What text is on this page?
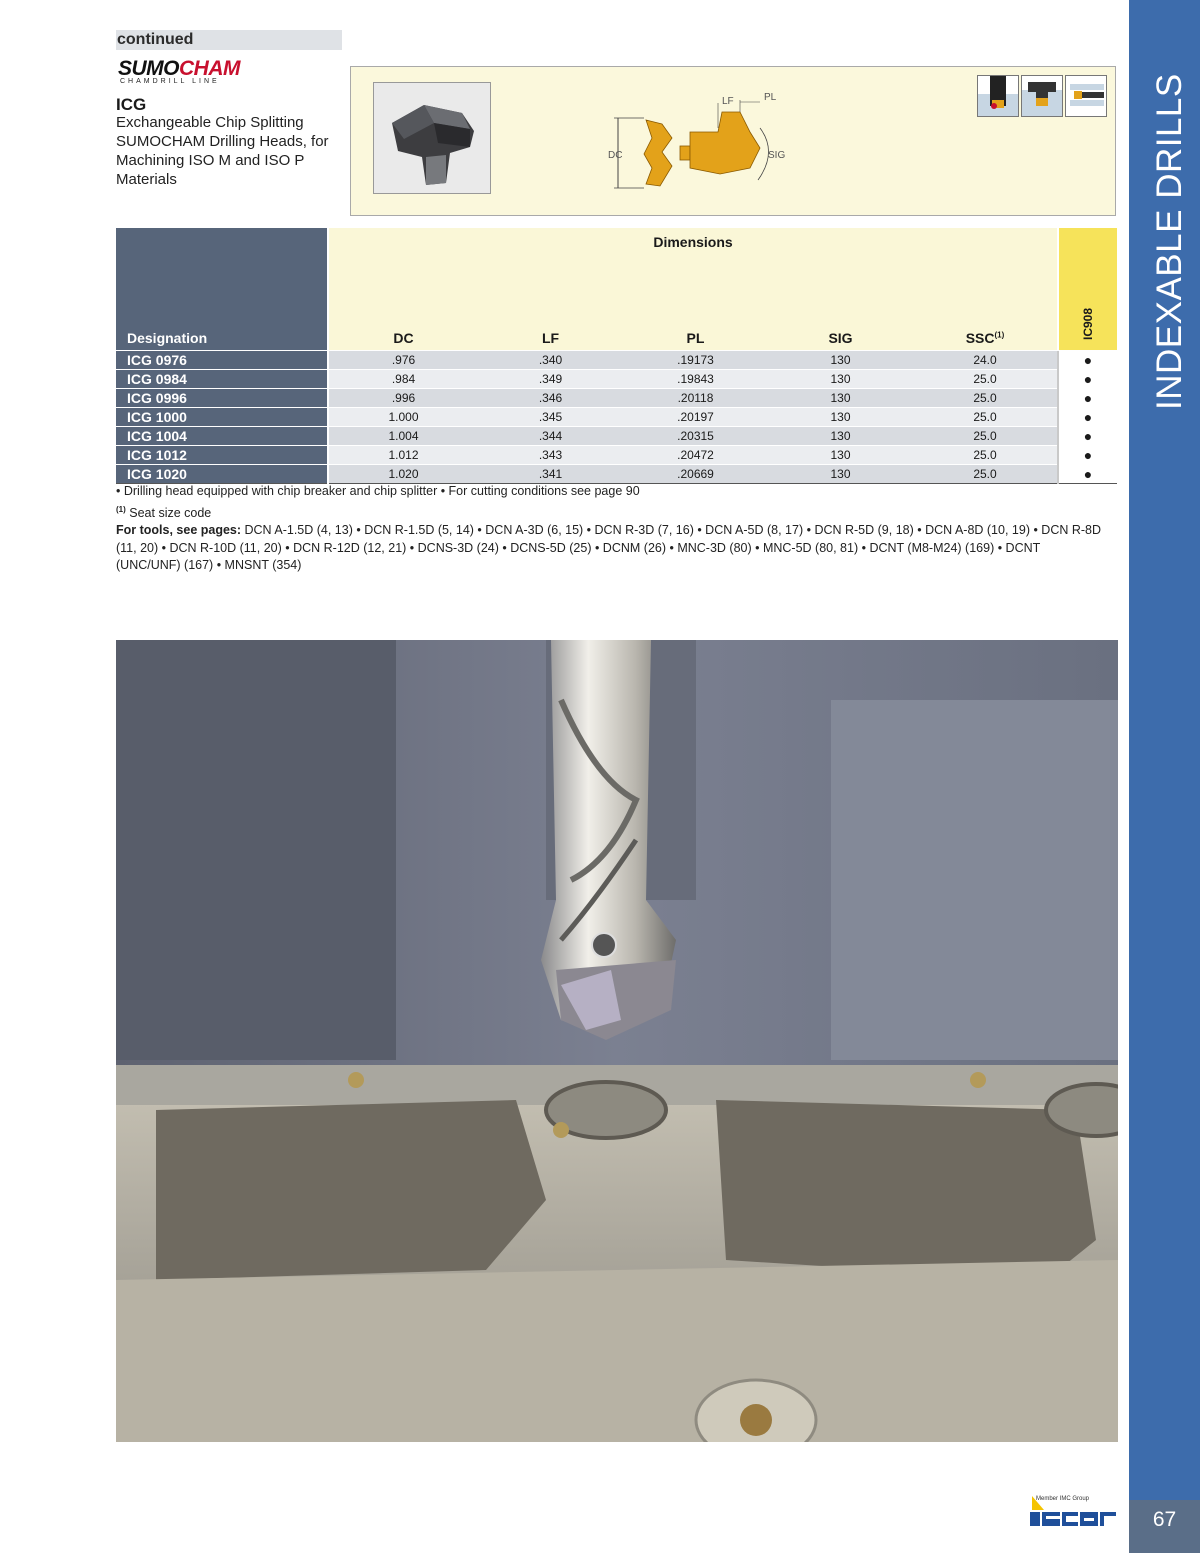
continued
SUMOCHAM
CHAMDRILL LINE
ICG
Exchangeable Chip Splitting SUMOCHAM Drilling Heads, for Machining ISO M and ISO P Materials
DC
LF	PL
SIG
Designation	Dimensions					IC908

	DC	LF	PL	SIG	SSC$^{(1)}$
ICG 0976	.976	.340	.19173	130	24.0	●
ICG 0984	.984	.349	.19843	130	25.0	●
ICG 0996	.996	.346	.20118	130	25.0	●
ICG 1000	1.000	.345	.20197	130	25.0	●
ICG 1004	1.004	.344	.20315	130	25.0	●
ICG 1012	1.012	.343	.20472	130	25.0	●
ICG 1020	1.020	.341	.20669	130	25.0	●
• Drilling head equipped with chip breaker and chip splitter • For cutting conditions see page 90
$^{(1)}$ Seat size code
For tools, see pages: DCN A-1.5D (4, 13) • DCN R-1.5D (5, 14) • DCN A-3D (6, 15) • DCN R-3D (7, 16) • DCN A-5D (8, 17) • DCN R-5D (9, 18) • DCN A-8D (10, 19) • DCN R-8D (11, 20) • DCN R-10D (11, 20) • DCN R-12D (12, 21) • DCNS-3D (24) • DCNS-5D (25) • DCNM (26) • MNC-3D (80) • MNC-5D (80, 81) • DCNT (M8-M24) (169) • DCNT (UNC/UNF) (167) • MNSNT (354)
INDEXABLE DRILLS
67
Member IMC Group
